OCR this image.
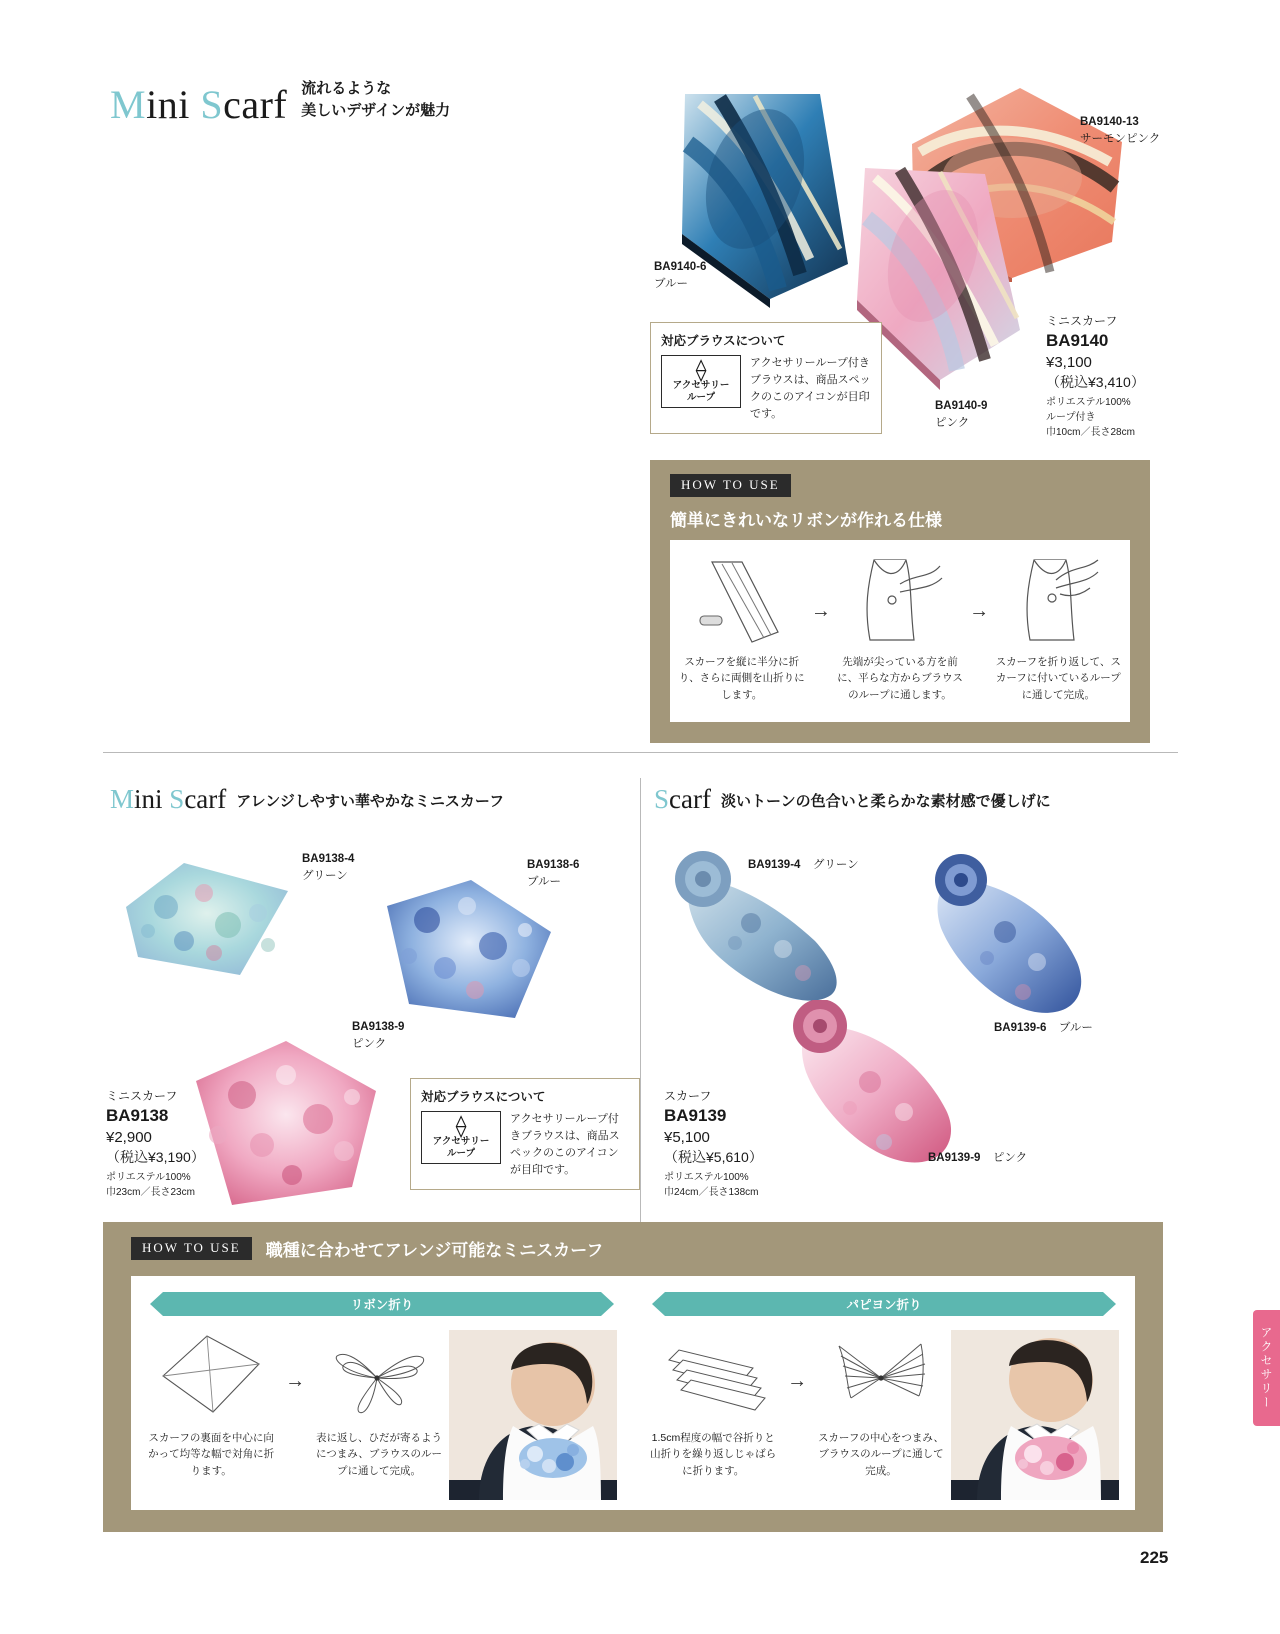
Mini Scarf 流れるような
美しいデザインが魅力
BA9140-6
ブルー
BA9140-13
サーモンピンク
BA9140-9
ピンク
ミニスカーフ
BA9140
¥3,100
（税込¥3,410）
ポリエステル100%
ループ付き
巾10cm／長さ28cm
対応ブラウスについて
⟠
アクセサリー
ループ
アクセサリーループ付きブラウスは、商品スペックのこのアイコンが目印です。
HOW TO USE
簡単にきれいなリボンが作れる仕様
スカーフを縦に半分に折り、さらに両側を山折りにします。
→
先端が尖っている方を前に、平らな方からブラウスのループに通します。
→
スカーフを折り返して、スカーフに付いているループに通して完成。
Mini Scarf アレンジしやすい華やかなミニスカーフ
BA9138-4
グリーン
BA9138-6
ブルー
BA9138-9
ピンク
ミニスカーフ
BA9138
¥2,900
（税込¥3,190）
ポリエステル100%
巾23cm／長さ23cm
対応ブラウスについて
⟠
アクセサリー
ループ
アクセサリーループ付きブラウスは、商品スペックのこのアイコンが目印です。
Scarf 淡いトーンの色合いと柔らかな素材感で優しげに
BA9139-4 グリーン
BA9139-6 ブルー
BA9139-9 ピンク
スカーフ
BA9139
¥5,100
（税込¥5,610）
ポリエステル100%
巾24cm／長さ138cm
HOW TO USE	職種に合わせてアレンジ可能なミニスカーフ
リボン折り
スカーフの裏面を中心に向かって均等な幅で対角に折ります。
→
表に返し、ひだが寄るようにつまみ、ブラウスのループに通して完成。
パピヨン折り
1.5cm程度の幅で谷折りと山折りを繰り返しじゃばらに折ります。
→
スカーフの中心をつまみ、ブラウスのループに通して完成。
アクセサリー
225
